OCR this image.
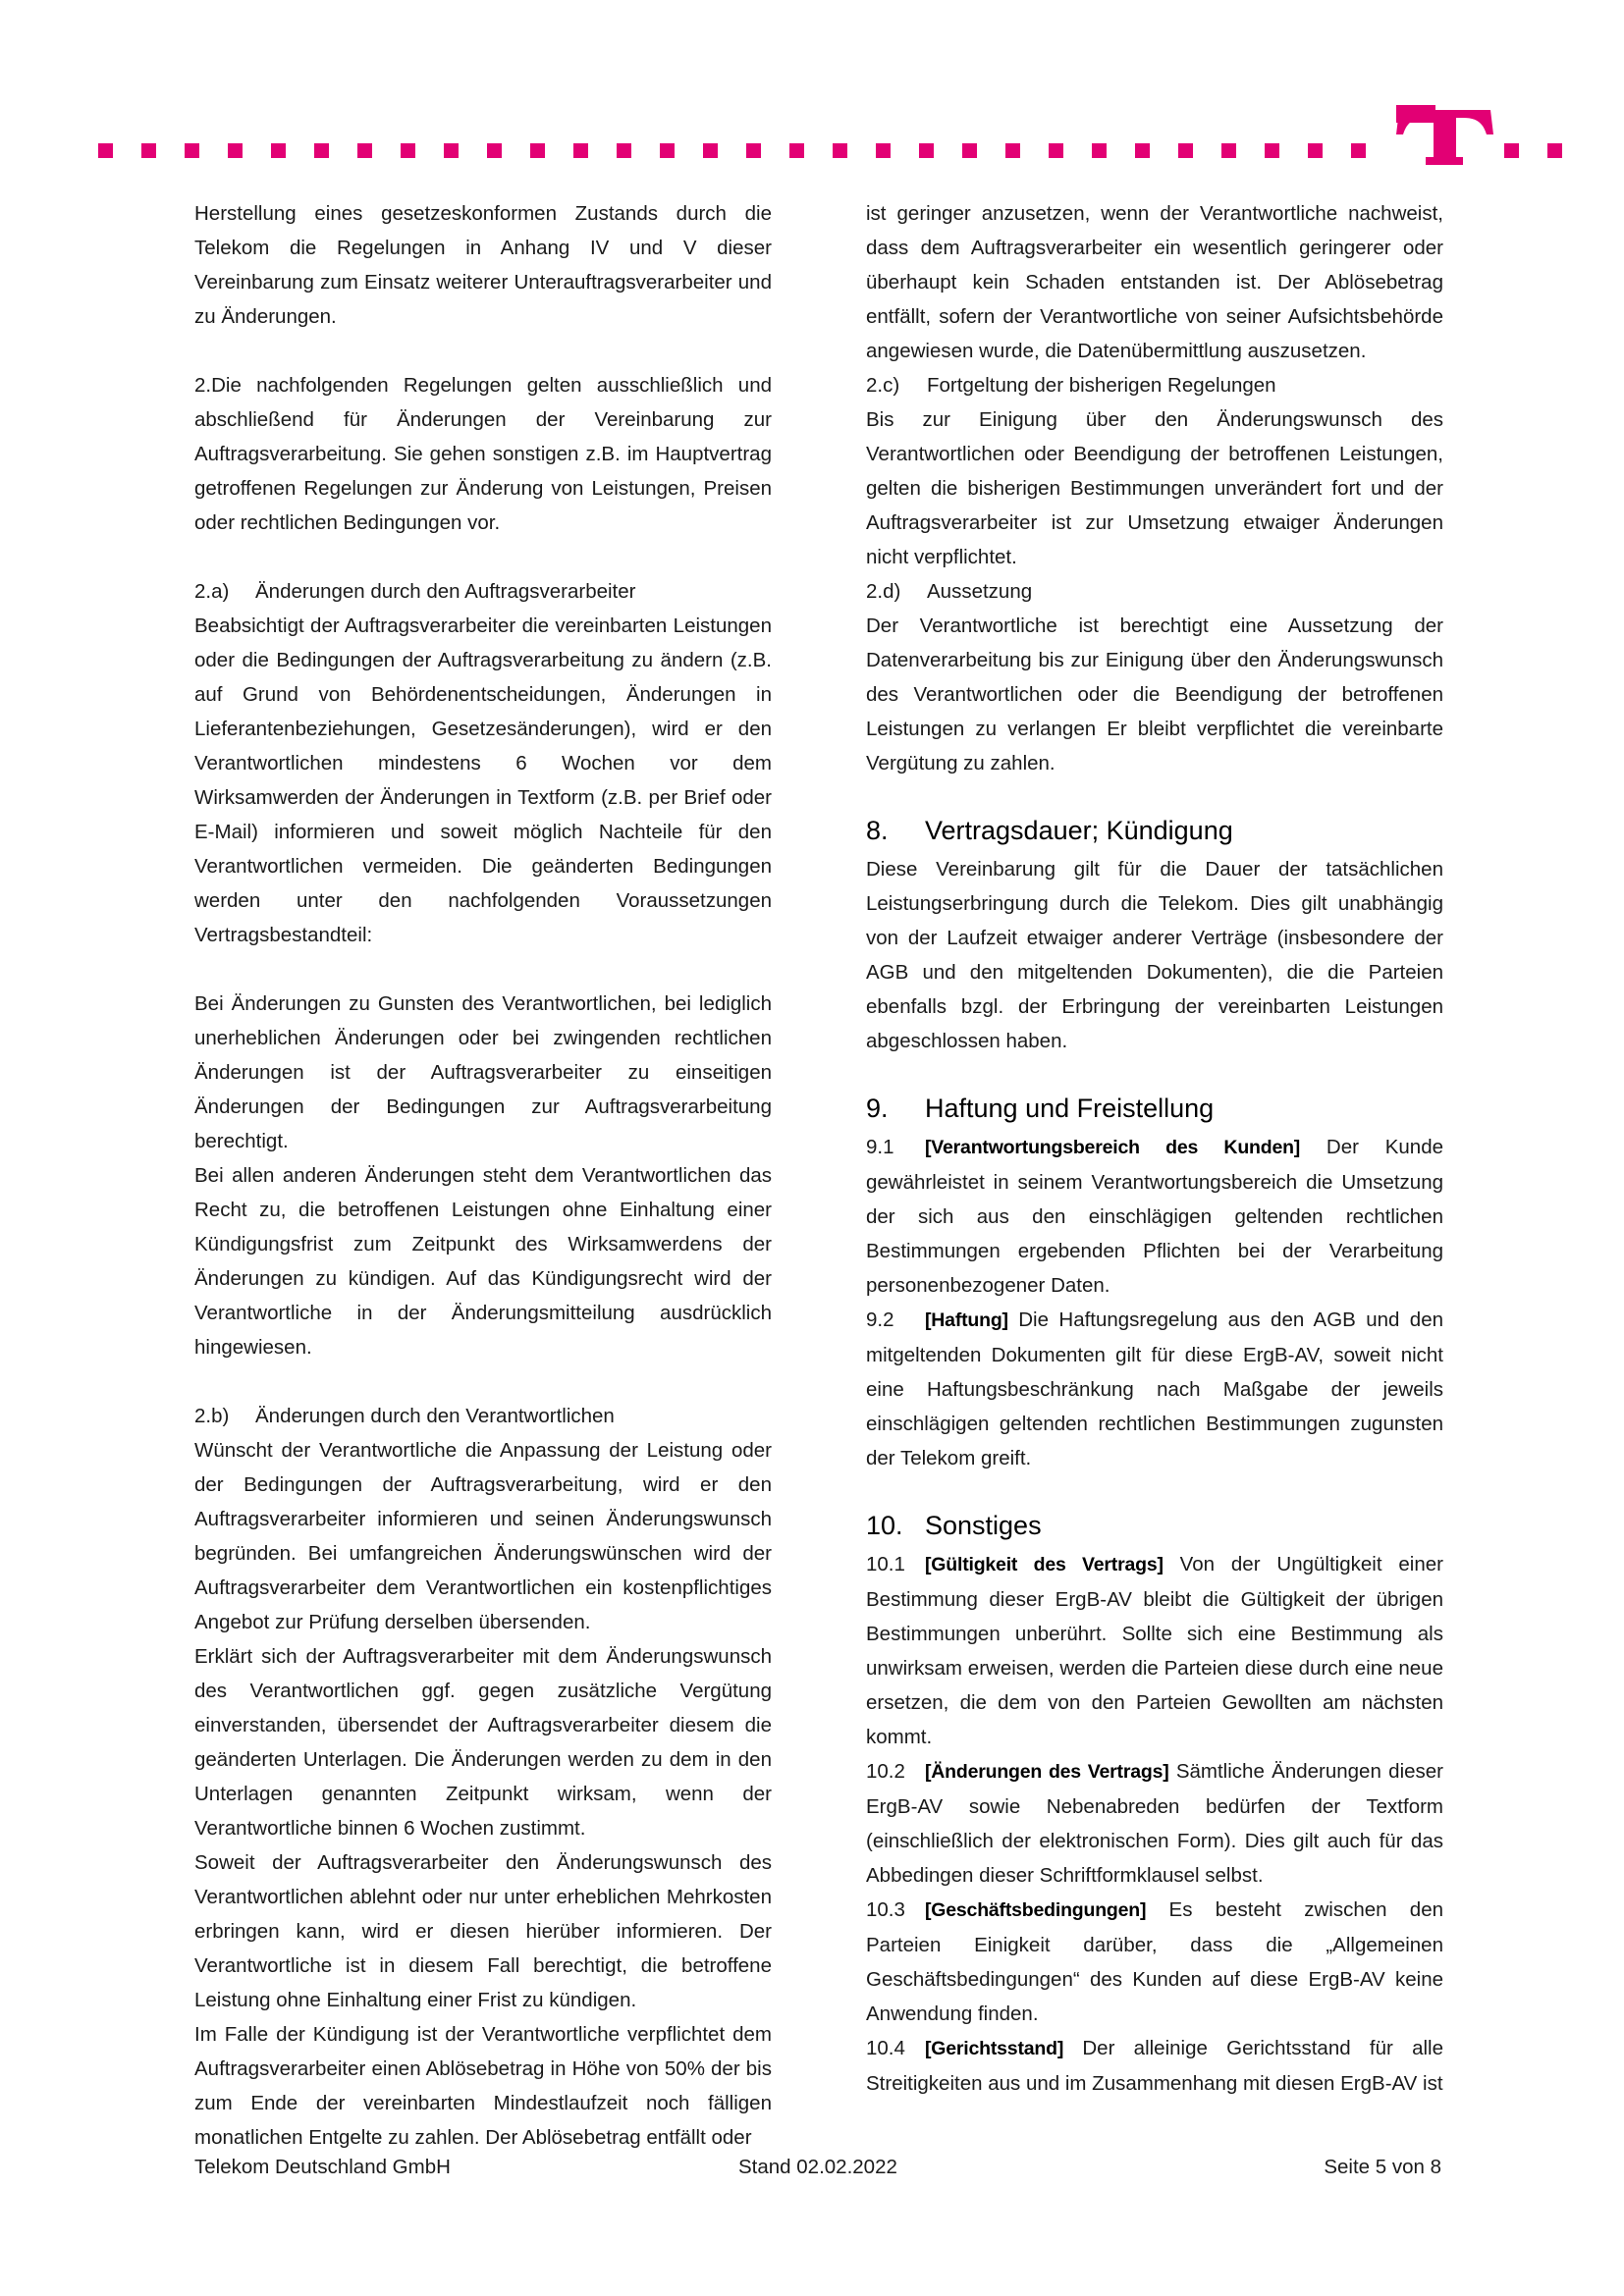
Herstellung eines gesetzeskonformen Zustands durch die Telekom die Regelungen in Anhang IV und V dieser Vereinbarung zum Einsatz weiterer Unterauftragsverarbeiter und zu Änderungen.

2.Die nachfolgenden Regelungen gelten ausschließlich und abschließend für Änderungen der Vereinbarung zur Auftragsverarbeitung. Sie gehen sonstigen z.B. im Hauptvertrag getroffenen Regelungen zur Änderung von Leistungen, Preisen oder rechtlichen Bedingungen vor.

2.a) Änderungen durch den Auftragsverarbeiter

Beabsichtigt der Auftragsverarbeiter die vereinbarten Leistungen oder die Bedingungen der Auftragsverarbeitung zu ändern (z.B. auf Grund von Behördenentscheidungen, Änderungen in Lieferantenbeziehungen, Gesetzesänderungen), wird er den Verantwortlichen mindestens 6 Wochen vor dem Wirksamwerden der Änderungen in Textform (z.B. per Brief oder E-Mail) informieren und soweit möglich Nachteile für den Verantwortlichen vermeiden. Die geänderten Bedingungen werden unter den nachfolgenden Voraussetzungen Vertragsbestandteil:

Bei Änderungen zu Gunsten des Verantwortlichen, bei lediglich unerheblichen Änderungen oder bei zwingenden rechtlichen Änderungen ist der Auftragsverarbeiter zu einseitigen Änderungen der Bedingungen zur Auftragsverarbeitung berechtigt.

Bei allen anderen Änderungen steht dem Verantwortlichen das Recht zu, die betroffenen Leistungen ohne Einhaltung einer Kündigungsfrist zum Zeitpunkt des Wirksamwerdens der Änderungen zu kündigen. Auf das Kündigungsrecht wird der Verantwortliche in der Änderungsmitteilung ausdrücklich hingewiesen.

2.b) Änderungen durch den Verantwortlichen

Wünscht der Verantwortliche die Anpassung der Leistung oder der Bedingungen der Auftragsverarbeitung, wird er den Auftragsverarbeiter informieren und seinen Änderungswunsch begründen. Bei umfangreichen Änderungswünschen wird der Auftragsverarbeiter dem Verantwortlichen ein kostenpflichtiges Angebot zur Prüfung derselben übersenden.

Erklärt sich der Auftragsverarbeiter mit dem Änderungswunsch des Verantwortlichen ggf. gegen zusätzliche Vergütung einverstanden, übersendet der Auftragsverarbeiter diesem die geänderten Unterlagen. Die Änderungen werden zu dem in den Unterlagen genannten Zeitpunkt wirksam, wenn der Verantwortliche binnen 6 Wochen zustimmt.

Soweit der Auftragsverarbeiter den Änderungswunsch des Verantwortlichen ablehnt oder nur unter erheblichen Mehrkosten erbringen kann, wird er diesen hierüber informieren. Der Verantwortliche ist in diesem Fall berechtigt, die betroffene Leistung ohne Einhaltung einer Frist zu kündigen.

Im Falle der Kündigung ist der Verantwortliche verpflichtet dem Auftragsverarbeiter einen Ablösebetrag in Höhe von 50% der bis zum Ende der vereinbarten Mindestlaufzeit noch fälligen monatlichen Entgelte zu zahlen. Der Ablösebetrag entfällt oder

ist geringer anzusetzen, wenn der Verantwortliche nachweist, dass dem Auftragsverarbeiter ein wesentlich geringerer oder überhaupt kein Schaden entstanden ist. Der Ablösebetrag entfällt, sofern der Verantwortliche von seiner Aufsichtsbehörde angewiesen wurde, die Datenübermittlung auszusetzen.

2.c) Fortgeltung der bisherigen Regelungen

Bis zur Einigung über den Änderungswunsch des Verantwortlichen oder Beendigung der betroffenen Leistungen, gelten die bisherigen Bestimmungen unverändert fort und der Auftragsverarbeiter ist zur Umsetzung etwaiger Änderungen nicht verpflichtet.

2.d) Aussetzung

Der Verantwortliche ist berechtigt eine Aussetzung der Datenverarbeitung bis zur Einigung über den Änderungswunsch des Verantwortlichen oder die Beendigung der betroffenen Leistungen zu verlangen Er bleibt verpflichtet die vereinbarte Vergütung zu zahlen.

8. Vertragsdauer; Kündigung

Diese Vereinbarung gilt für die Dauer der tatsächlichen Leistungserbringung durch die Telekom. Dies gilt unabhängig von der Laufzeit etwaiger anderer Verträge (insbesondere der AGB und den mitgeltenden Dokumenten), die die Parteien ebenfalls bzgl. der Erbringung der vereinbarten Leistungen abgeschlossen haben.

9. Haftung und Freistellung

9.1 [Verantwortungsbereich des Kunden] Der Kunde gewährleistet in seinem Verantwortungsbereich die Umsetzung der sich aus den einschlägigen geltenden rechtlichen Bestimmungen ergebenden Pflichten bei der Verarbeitung personenbezogener Daten.

9.2 [Haftung] Die Haftungsregelung aus den AGB und den mitgeltenden Dokumenten gilt für diese ErgB-AV, soweit nicht eine Haftungsbeschränkung nach Maßgabe der jeweils einschlägigen geltenden rechtlichen Bestimmungen zugunsten der Telekom greift.

10. Sonstiges

10.1 [Gültigkeit des Vertrags] Von der Ungültigkeit einer Bestimmung dieser ErgB-AV bleibt die Gültigkeit der übrigen Bestimmungen unberührt. Sollte sich eine Bestimmung als unwirksam erweisen, werden die Parteien diese durch eine neue ersetzen, die dem von den Parteien Gewollten am nächsten kommt.

10.2 [Änderungen des Vertrags] Sämtliche Änderungen dieser ErgB-AV sowie Nebenabreden bedürfen der Textform (einschließlich der elektronischen Form). Dies gilt auch für das Abbedingen dieser Schriftformklausel selbst.

10.3 [Geschäftsbedingungen] Es besteht zwischen den Parteien Einigkeit darüber, dass die „Allgemeinen Geschäftsbedingungen“ des Kunden auf diese ErgB-AV keine Anwendung finden.

10.4 [Gerichtsstand] Der alleinige Gerichtsstand für alle Streitigkeiten aus und im Zusammenhang mit diesen ErgB-AV ist

Telekom Deutschland GmbH	Stand 02.02.2022	Seite 5 von 8
